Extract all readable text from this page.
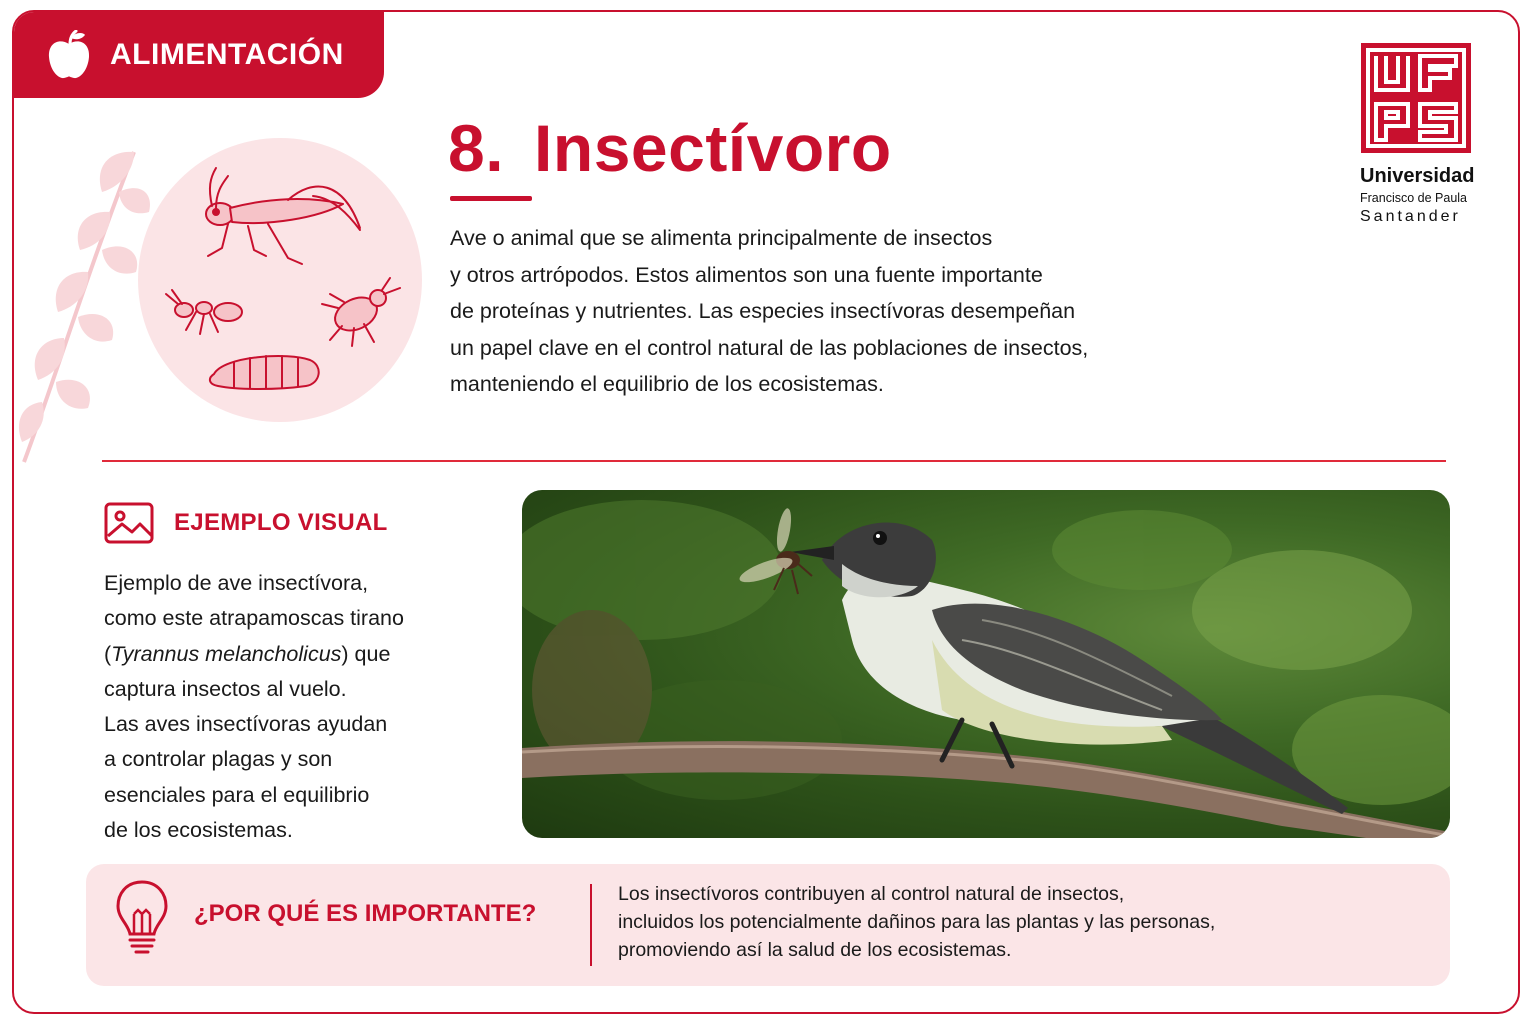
ALIMENTACIÓN
8. Insectívoro
Ave o animal que se alimenta principalmente de insectos
y otros artrópodos. Estos alimentos son una fuente importante
de proteínas y nutrientes. Las especies insectívoras desempeñan
un papel clave en el control natural de las poblaciones de insectos,
manteniendo el equilibrio de los ecosistemas.
Universidad
Francisco de Paula
Santander
EJEMPLO VISUAL
Ejemplo de ave insectívora,
como este atrapamoscas tirano
(Tyrannus melancholicus) que
captura insectos al vuelo.
Las aves insectívoras ayudan
a controlar plagas y son
esenciales para el equilibrio
de los ecosistemas.
¿POR QUÉ ES IMPORTANTE?
Los insectívoros contribuyen al control natural de insectos,
incluidos los potencialmente dañinos para las plantas y las personas,
promoviendo así la salud de los ecosistemas.
